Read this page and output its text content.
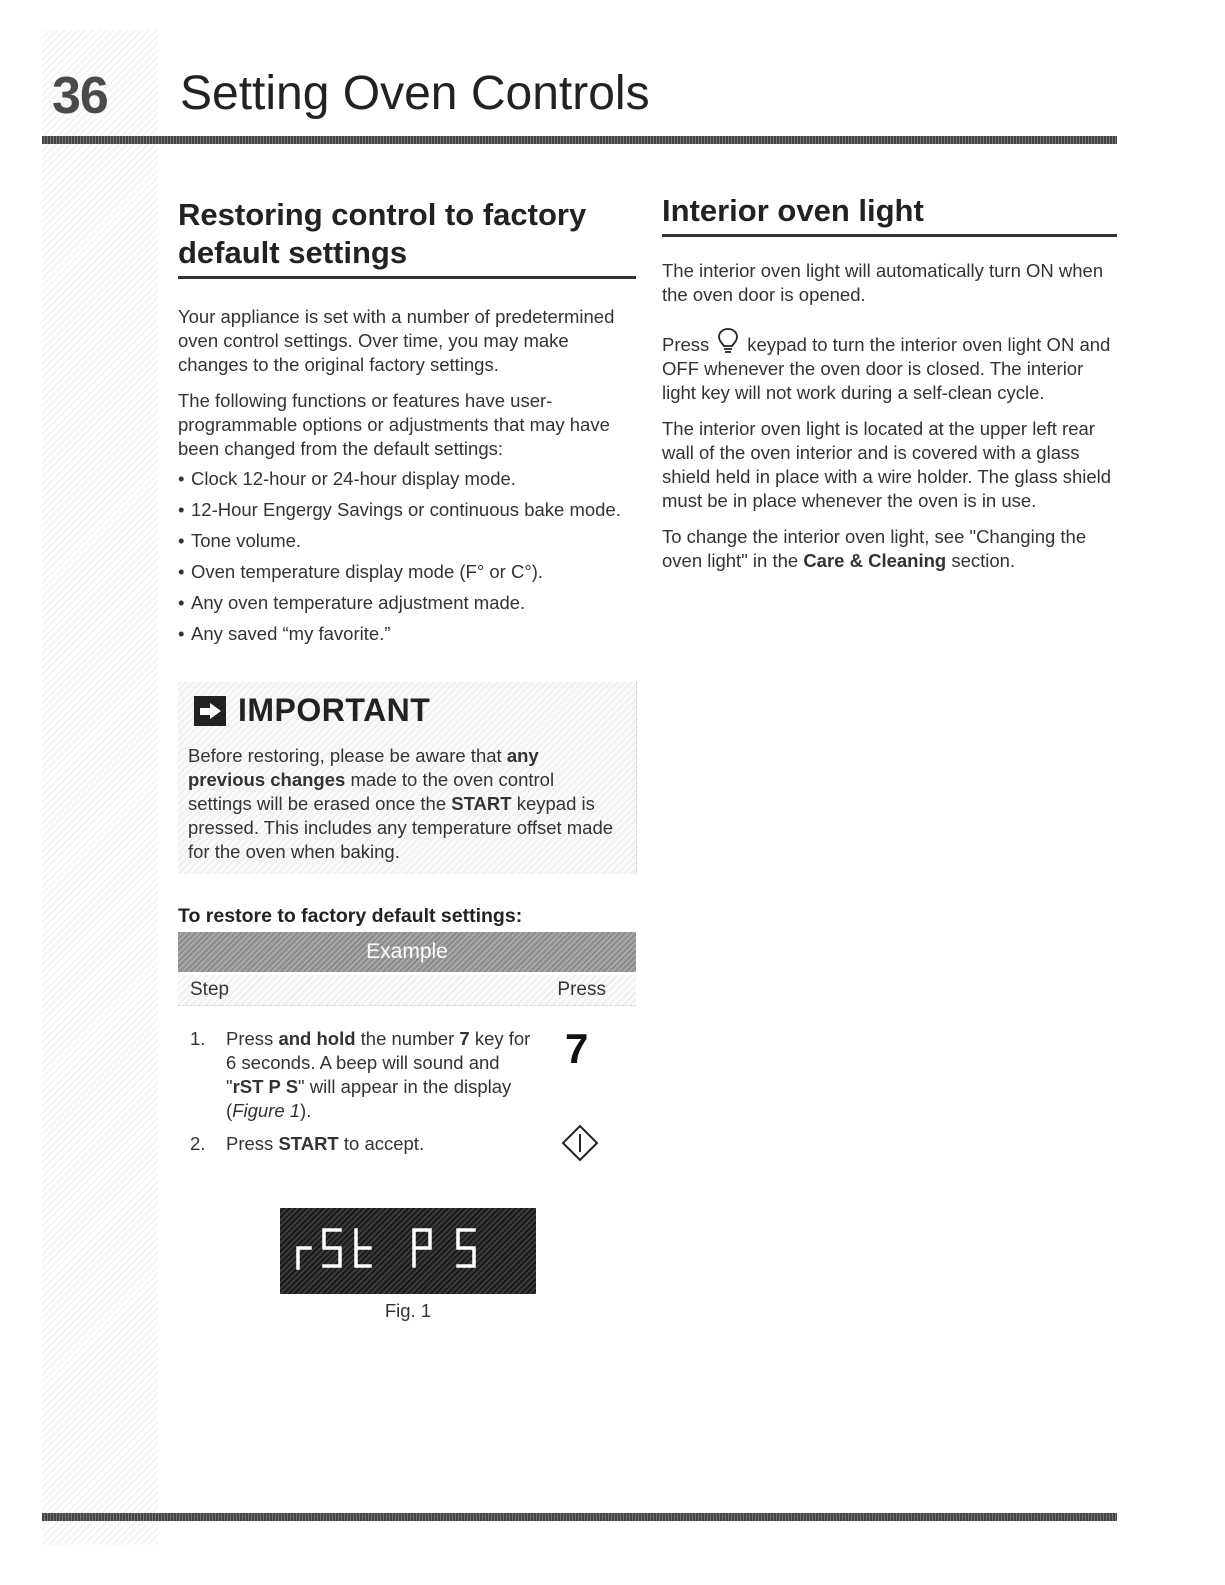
36	Setting Oven Controls
Restoring control to factory
default settings

Your appliance is set with a number of predetermined oven control settings. Over time, you may make changes to the original factory settings.

The following functions or features have user-programmable options or adjustments that may have been changed from the default settings:

• Clock 12-hour or 24-hour display mode.
• 12-Hour Engergy Savings or continuous bake mode.
• Tone volume.
• Oven temperature display mode (F° or C°).
• Any oven temperature adjustment made.
• Any saved “my favorite.”
IMPORTANT

Before restoring, please be aware that any previous changes made to the oven control settings will be erased once the START keypad is pressed. This includes any temperature offset made for the oven when baking.

To restore to factory default settings:

Example
Step	Press
1. Press and hold the number 7 key for 6 seconds. A beep will sound and "rST P S" will appear in the display (Figure 1).
7
2. Press START to accept.
Fig. 1
Interior oven light

The interior oven light will automatically turn ON when the oven door is opened.

Press keypad to turn the interior oven light ON and OFF whenever the oven door is closed. The interior light key will not work during a self-clean cycle.

The interior oven light is located at the upper left rear wall of the oven interior and is covered with a glass shield held in place with a wire holder. The glass shield must be in place whenever the oven is in use.

To change the interior oven light, see "Changing the oven light" in the Care & Cleaning section.
